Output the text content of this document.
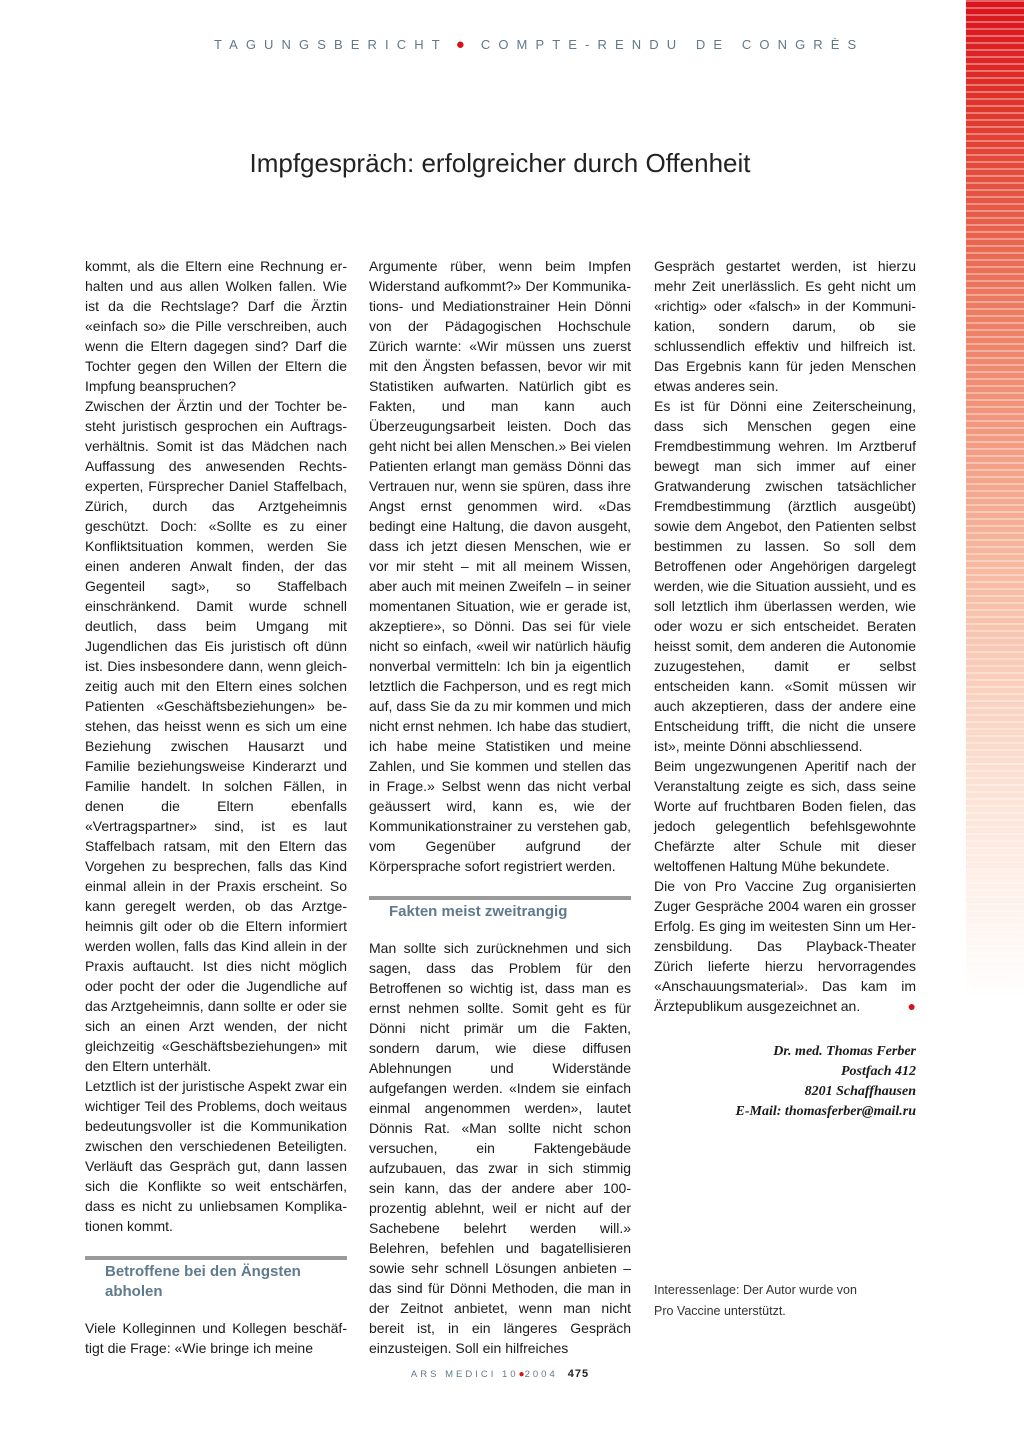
TAGUNGSBERICHT ● COMPTE-RENDU DE CONGRÈS
Impfgespräch: erfolgreicher durch Offenheit

kommt, als die Eltern eine Rechnung erhalten und aus allen Wolken fallen. Wie ist da die Rechtslage? Darf die Ärztin «einfach so» die Pille verschreiben, auch wenn die Eltern dagegen sind? Darf die Tochter gegen den Willen der Eltern die Impfung beanspruchen?

Zwischen der Ärztin und der Tochter besteht juristisch gesprochen ein Auftragsverhältnis. Somit ist das Mädchen nach Auffassung des anwesenden Rechtsexperten, Fürsprecher Daniel Staffelbach, Zürich, durch das Arztgeheimnis geschützt. Doch: «Sollte es zu einer Konfliktsituation kommen, werden Sie einen anderen Anwalt finden, der das Gegenteil sagt», so Staffelbach einschränkend. Damit wurde schnell deutlich, dass beim Umgang mit Jugendlichen das Eis juristisch oft dünn ist. Dies insbesondere dann, wenn gleichzeitig auch mit den Eltern eines solchen Patienten «Geschäftsbeziehungen» bestehen, das heisst wenn es sich um eine Beziehung zwischen Hausarzt und Familie beziehungsweise Kinderarzt und Familie handelt. In solchen Fällen, in denen die Eltern ebenfalls «Vertragspartner» sind, ist es laut Staffelbach ratsam, mit den Eltern das Vorgehen zu besprechen, falls das Kind einmal allein in der Praxis erscheint. So kann geregelt werden, ob das Arztgeheimnis gilt oder ob die Eltern informiert werden wollen, falls das Kind allein in der Praxis auftaucht. Ist dies nicht möglich oder pocht der oder die Jugendliche auf das Arztgeheimnis, dann sollte er oder sie sich an einen Arzt wenden, der nicht gleichzeitig «Geschäftsbeziehungen» mit den Eltern unterhält.

Letztlich ist der juristische Aspekt zwar ein wichtiger Teil des Problems, doch weitaus bedeutungsvoller ist die Kommunikation zwischen den verschiedenen Beteiligten. Verläuft das Gespräch gut, dann lassen sich die Konflikte so weit entschärfen, dass es nicht zu unliebsamen Komplikationen kommt.

Betroffene bei den Ängsten abholen

Viele Kolleginnen und Kollegen beschäftigt die Frage: «Wie bringe ich meine

Argumente rüber, wenn beim Impfen Widerstand aufkommt?» Der Kommunikations- und Mediationstrainer Hein Dönni von der Pädagogischen Hochschule Zürich warnte: «Wir müssen uns zuerst mit den Ängsten befassen, bevor wir mit Statistiken aufwarten. Natürlich gibt es Fakten, und man kann auch Überzeugungsarbeit leisten. Doch das geht nicht bei allen Menschen.» Bei vielen Patienten erlangt man gemäss Dönni das Vertrauen nur, wenn sie spüren, dass ihre Angst ernst genommen wird. «Das bedingt eine Haltung, die davon ausgeht, dass ich jetzt diesen Menschen, wie er vor mir steht – mit all meinem Wissen, aber auch mit meinen Zweifeln – in seiner momentanen Situation, wie er gerade ist, akzeptiere», so Dönni. Das sei für viele nicht so einfach, «weil wir natürlich häufig nonverbal vermitteln: Ich bin ja eigentlich letztlich die Fachperson, und es regt mich auf, dass Sie da zu mir kommen und mich nicht ernst nehmen. Ich habe das studiert, ich habe meine Statistiken und meine Zahlen, und Sie kommen und stellen das in Frage.» Selbst wenn das nicht verbal geäussert wird, kann es, wie der Kommunikationstrainer zu verstehen gab, vom Gegenüber aufgrund der Körpersprache sofort registriert werden.

Fakten meist zweitrangig

Man sollte sich zurücknehmen und sich sagen, dass das Problem für den Betroffenen so wichtig ist, dass man es ernst nehmen sollte. Somit geht es für Dönni nicht primär um die Fakten, sondern darum, wie diese diffusen Ablehnungen und Widerstände aufgefangen werden. «Indem sie einfach einmal angenommen werden», lautet Dönnis Rat. «Man sollte nicht schon versuchen, ein Faktengebäude aufzubauen, das zwar in sich stimmig sein kann, das der andere aber 100-prozentig ablehnt, weil er nicht auf der Sachebene belehrt werden will.» Belehren, befehlen und bagatellisieren sowie sehr schnell Lösungen anbieten – das sind für Dönni Methoden, die man in der Zeitnot anbietet, wenn man nicht bereit ist, in ein längeres Gespräch einzusteigen. Soll ein hilfreiches

Gespräch gestartet werden, ist hierzu mehr Zeit unerlässlich. Es geht nicht um «richtig» oder «falsch» in der Kommunikation, sondern darum, ob sie schlussendlich effektiv und hilfreich ist. Das Ergebnis kann für jeden Menschen etwas anderes sein.

Es ist für Dönni eine Zeiterscheinung, dass sich Menschen gegen eine Fremdbestimmung wehren. Im Arztberuf bewegt man sich immer auf einer Gratwanderung zwischen tatsächlicher Fremdbestimmung (ärztlich ausgeübt) sowie dem Angebot, den Patienten selbst bestimmen zu lassen. So soll dem Betroffenen oder Angehörigen dargelegt werden, wie die Situation aussieht, und es soll letztlich ihm überlassen werden, wie oder wozu er sich entscheidet. Beraten heisst somit, dem anderen die Autonomie zuzugestehen, damit er selbst entscheiden kann. «Somit müssen wir auch akzeptieren, dass der andere eine Entscheidung trifft, die nicht die unsere ist», meinte Dönni abschliessend.

Beim ungezwungenen Aperitif nach der Veranstaltung zeigte es sich, dass seine Worte auf fruchtbaren Boden fielen, das jedoch gelegentlich befehlsgewohnte Chefärzte alter Schule mit dieser weltoffenen Haltung Mühe bekundete.

Die von Pro Vaccine Zug organisierten Zuger Gespräche 2004 waren ein grosser Erfolg. Es ging im weitesten Sinn um Herzensbildung. Das Playback-Theater Zürich lieferte hierzu hervorragendes «Anschauungsmaterial». Das kam im Ärztepublikum ausgezeichnet an.	●

Dr. med. Thomas Ferber
Postfach 412
8201 Schaffhausen
E-Mail: thomasferber@mail.ru

Interessenlage: Der Autor wurde von

Pro Vaccine unterstützt.

ARS MEDICI 10●2004 475
